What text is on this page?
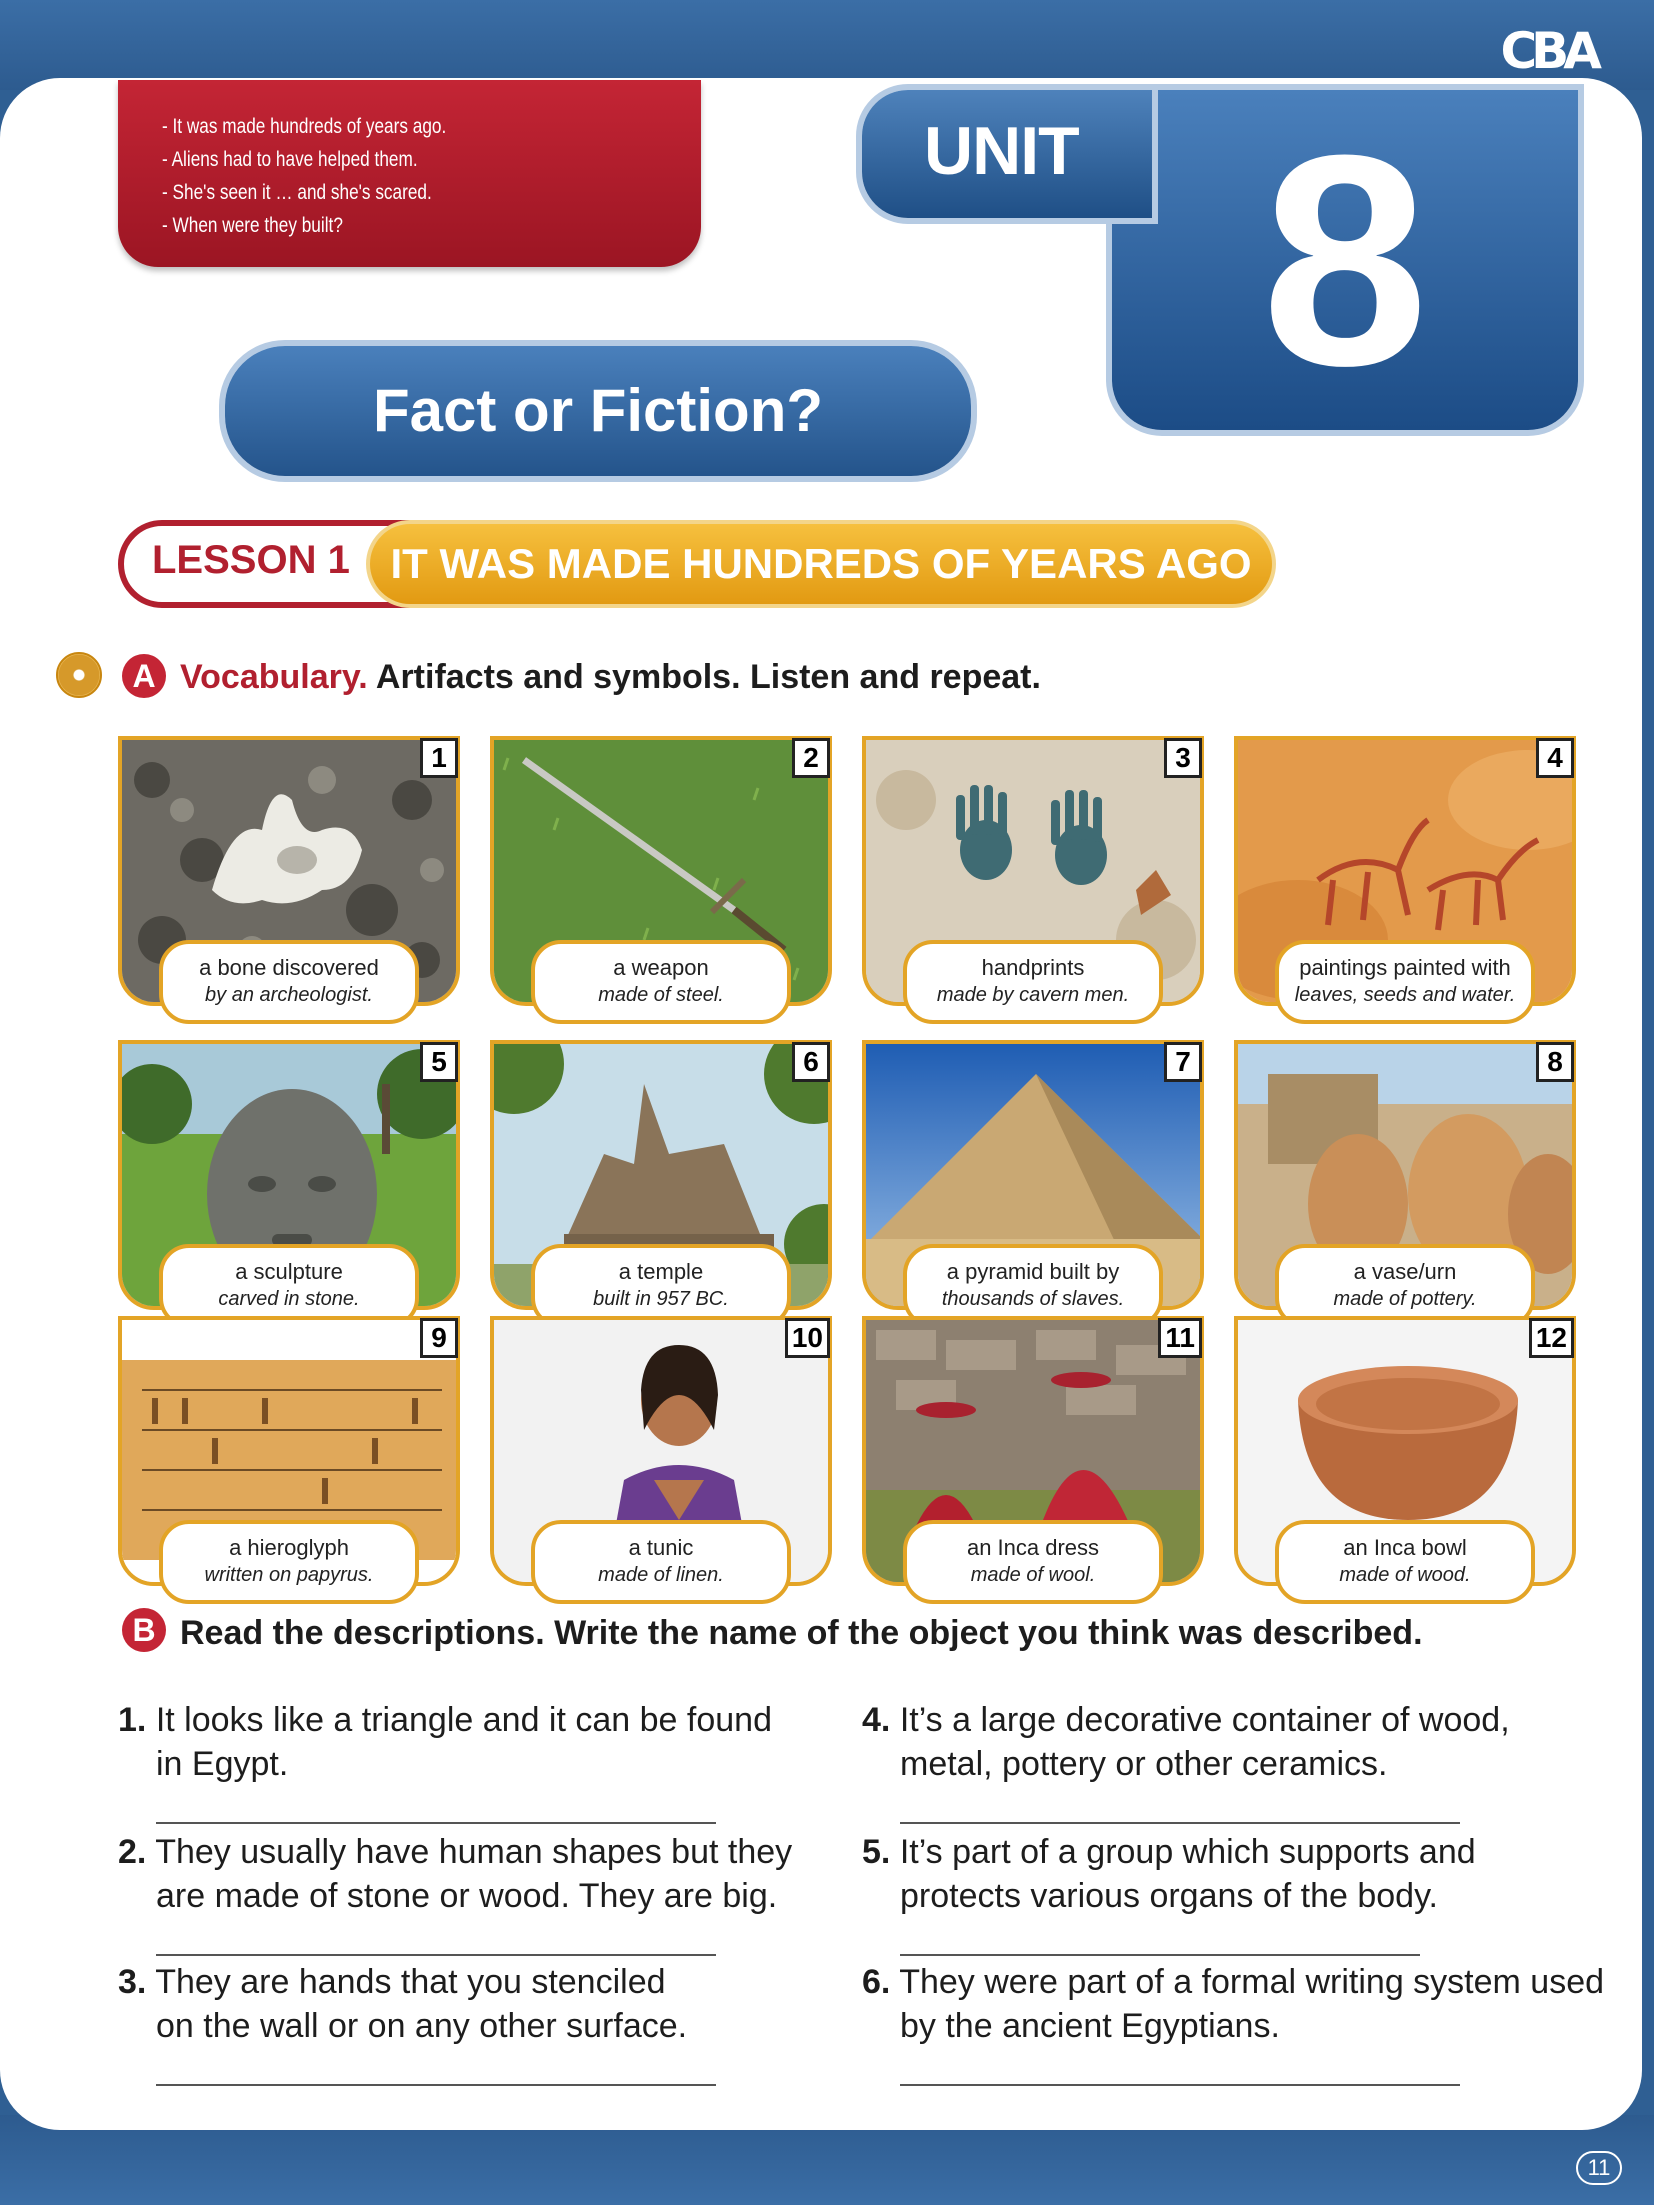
CBA
- It was made hundreds of years ago.
- Aliens had to have helped them.
- She's seen it … and she's scared.
- When were they built?	8
UNIT
Fact or Fiction?
LESSON 1 IT WAS MADE HUNDREDS OF YEARS AGO
A Vocabulary. Artifacts and symbols. Listen and repeat.
1
a bone discovered
by an archeologist.
2
a weapon
made of steel.
3
handprints
made by cavern men.
4
paintings painted with
leaves, seeds and water.
5
a sculpture
carved in stone.
6
a temple
built in 957 BC.
7
a pyramid built by
thousands of slaves.
8
a vase/urn
made of pottery.
9
a hieroglyph
written on papyrus.
10
a tunic
made of linen.
11
an Inca dress
made of wool.
12
an Inca bowl
made of wood.
B Read the descriptions. Write the name of the object you think was described.
1. It looks like a triangle and it can be found
in Egypt.
2. They usually have human shapes but they
are made of stone or wood. They are big.
3. They are hands that you stenciled
on the wall or on any other surface.
4. It’s a large decorative container of wood,
metal, pottery or other ceramics.
5. It’s part of a group which supports and
protects various organs of the body.
6. They were part of a formal writing system used
by the ancient Egyptians.
11
